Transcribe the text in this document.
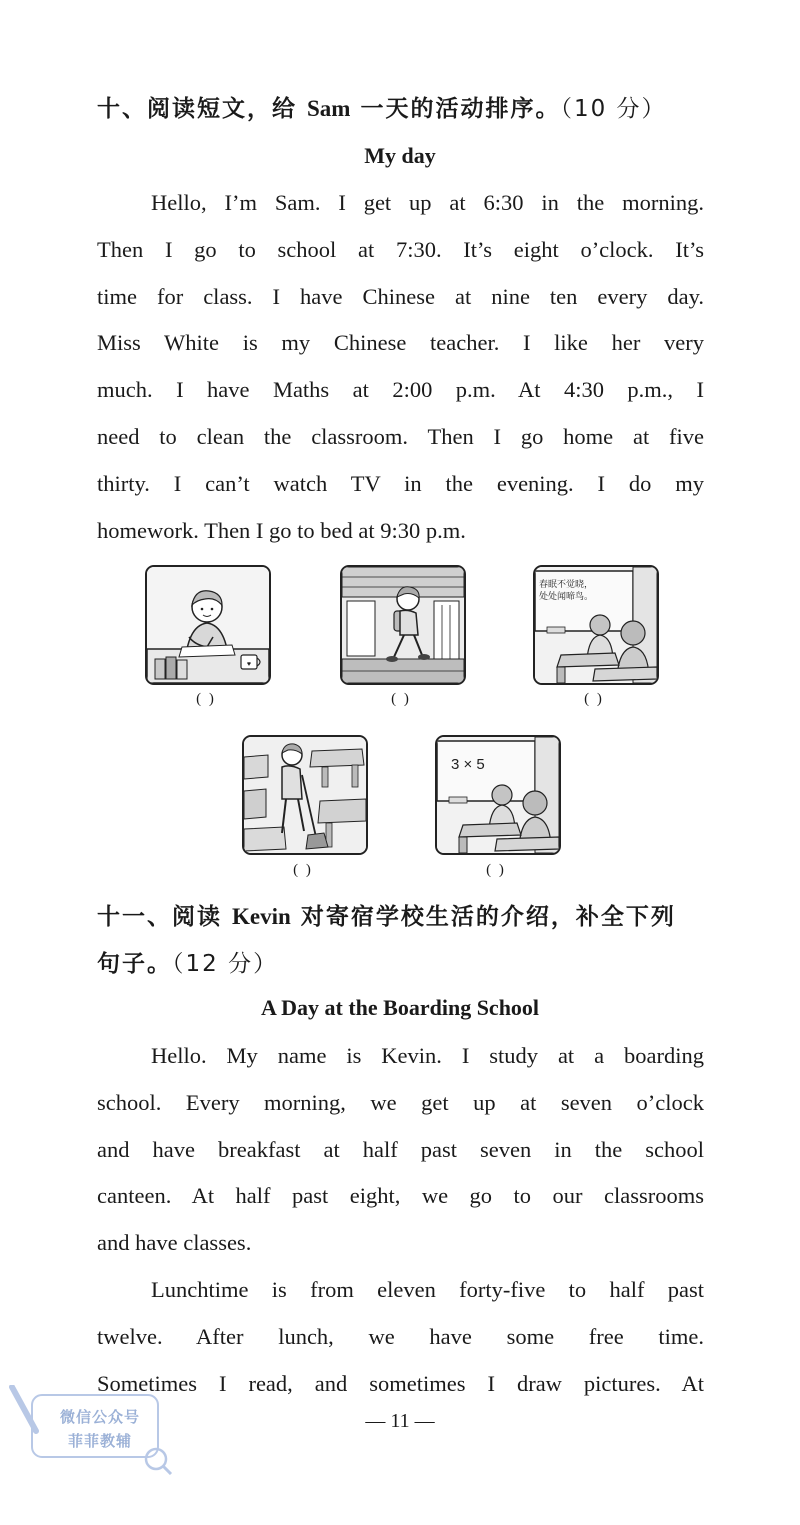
十、阅读短文，给 Sam 一天的活动排序。（10 分）
My day

Hello, I’m Sam. I get up at 6:30 in the morning.

Then I go to school at 7:30. It’s eight o’clock. It’s

time for class. I have Chinese at nine ten every day.

Miss White is my Chinese teacher. I like her very

much. I have Maths at 2:00 p.m. At 4:30 p.m., I

need to clean the classroom. Then I go home at five

thirty. I can’t watch TV in the evening. I do my

homework. Then I go to bed at 9:30 p.m.

♥
春眠不觉晓，
处处闻啼鸟。
( )	( )	( )
3 × 5
( )	( )
十一、阅读 Kevin 对寄宿学校生活的介绍，补全下列
句子。（12 分）
A Day at the Boarding School

Hello. My name is Kevin. I study at a boarding

school. Every morning, we get up at seven o’clock

and have breakfast at half past seven in the school

canteen. At half past eight, we go to our classrooms

and have classes.

Lunchtime is from eleven forty-five to half past

twelve. After lunch, we have some free time.

Sometimes I read, and sometimes I draw pictures. At

微信公众号
菲菲教辅
— 11 —
